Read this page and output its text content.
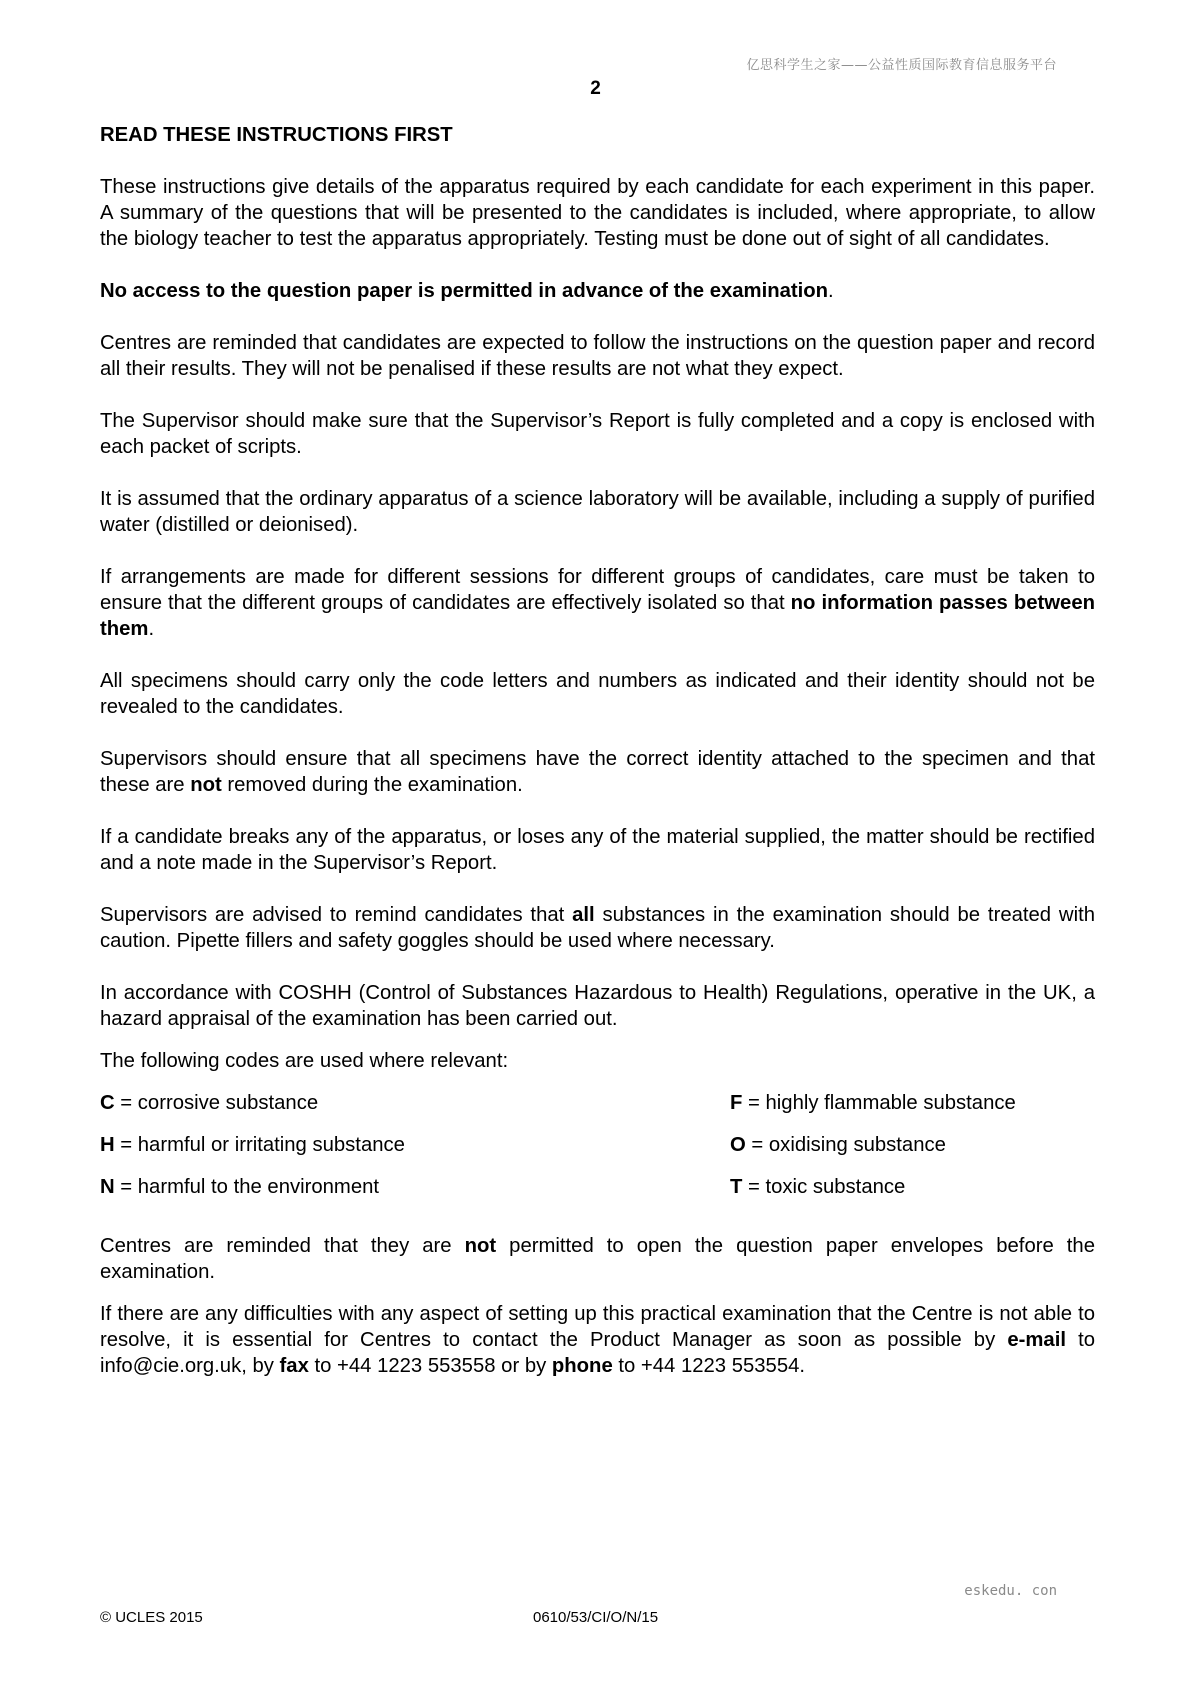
亿思科学生之家——公益性质国际教育信息服务平台
2
READ THESE INSTRUCTIONS FIRST

These instructions give details of the apparatus required by each candidate for each experiment in this paper. A summary of the questions that will be presented to the candidates is included, where appropriate, to allow the biology teacher to test the apparatus appropriately. Testing must be done out of sight of all candidates.

No access to the question paper is permitted in advance of the examination.

Centres are reminded that candidates are expected to follow the instructions on the question paper and record all their results. They will not be penalised if these results are not what they expect.

The Supervisor should make sure that the Supervisor’s Report is fully completed and a copy is enclosed with each packet of scripts.

It is assumed that the ordinary apparatus of a science laboratory will be available, including a supply of purified water (distilled or deionised).

If arrangements are made for different sessions for different groups of candidates, care must be taken to ensure that the different groups of candidates are effectively isolated so that no information passes between them.

All specimens should carry only the code letters and numbers as indicated and their identity should not be revealed to the candidates.

Supervisors should ensure that all specimens have the correct identity attached to the specimen and that these are not removed during the examination.

If a candidate breaks any of the apparatus, or loses any of the material supplied, the matter should be rectified and a note made in the Supervisor’s Report.

Supervisors are advised to remind candidates that all substances in the examination should be treated with caution. Pipette fillers and safety goggles should be used where necessary.

In accordance with COSHH (Control of Substances Hazardous to Health) Regulations, operative in the UK, a hazard appraisal of the examination has been carried out.

The following codes are used where relevant:

C = corrosive substance	F = highly flammable substance
H = harmful or irritating substance	O = oxidising substance
N = harmful to the environment	T = toxic substance

Centres are reminded that they are not permitted to open the question paper envelopes before the examination.

If there are any difficulties with any aspect of setting up this practical examination that the Centre is not able to resolve, it is essential for Centres to contact the Product Manager as soon as possible by e-mail to info@cie.org.uk, by fax to +44 1223 553558 or by phone to +44 1223 553554.

eskedu. con
© UCLES 2015	0610/53/CI/O/N/15
